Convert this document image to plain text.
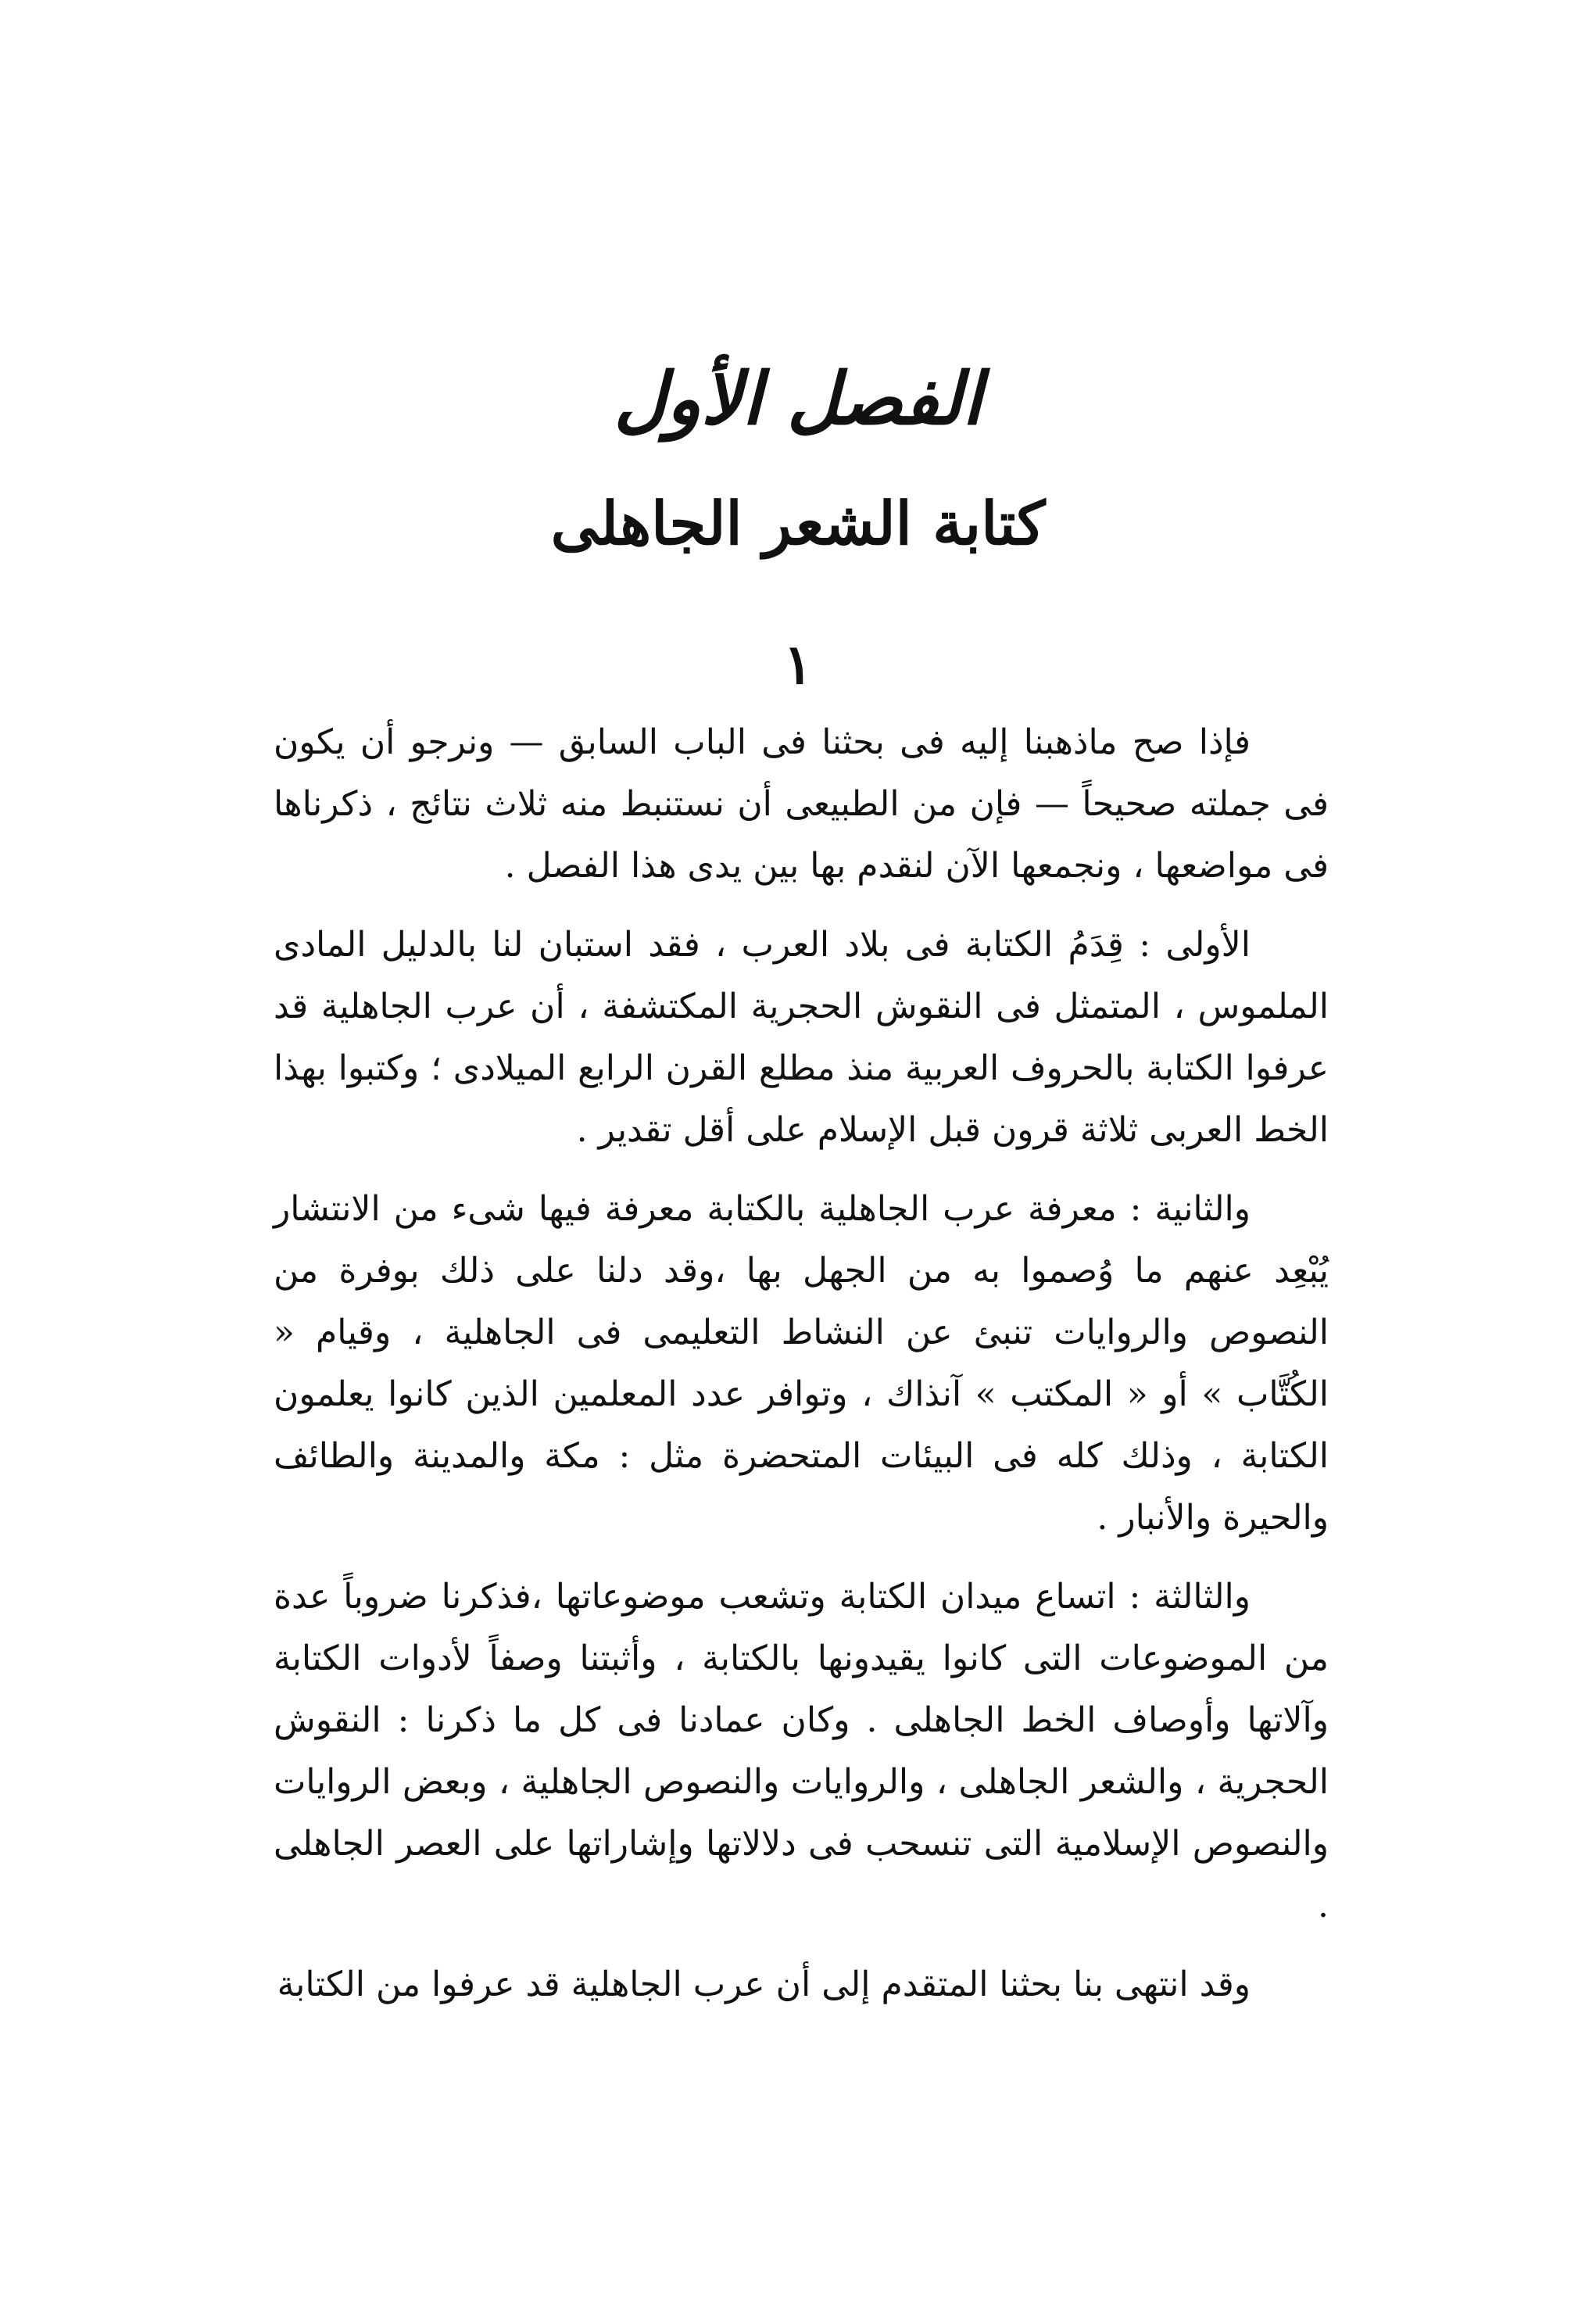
الفصل الأول
كتابة الشعر الجاهلى
١

فإذا صح ماذهبنا إليه فى بحثنا فى الباب السابق — ونرجو أن يكون فى جملته صحيحاً — فإن من الطبيعى أن نستنبط منه ثلاث نتائج ، ذكرناها فى مواضعها ، ونجمعها الآن لنقدم بها بين يدى هذا الفصل .

الأولى : قِدَمُ الكتابة فى بلاد العرب ، فقد استبان لنا بالدليل المادى الملموس ، المتمثل فى النقوش الحجرية المكتشفة ، أن عرب الجاهلية قد عرفوا الكتابة بالحروف العربية منذ مطلع القرن الرابع الميلادى ؛ وكتبوا بهذا الخط العربى ثلاثة قرون قبل الإسلام على أقل تقدير .

والثانية : معرفة عرب الجاهلية بالكتابة معرفة فيها شىء من الانتشار يُبْعِد عنهم ما وُصموا به من الجهل بها ،وقد دلنا على ذلك بوفرة من النصوص والروايات تنبئ عن النشاط التعليمى فى الجاهلية ، وقيام « الكُتَّاب » أو « المكتب » آنذاك ، وتوافر عدد المعلمين الذين كانوا يعلمون الكتابة ، وذلك كله فى البيئات المتحضرة مثل : مكة والمدينة والطائف والحيرة والأنبار .

والثالثة : اتساع ميدان الكتابة وتشعب موضوعاتها ،فذكرنا ضروباً عدة من الموضوعات التى كانوا يقيدونها بالكتابة ، وأثبتنا وصفاً لأدوات الكتابة وآلاتها وأوصاف الخط الجاهلى . وكان عمادنا فى كل ما ذكرنا : النقوش الحجرية ، والشعر الجاهلى ، والروايات والنصوص الجاهلية ، وبعض الروايات والنصوص الإسلامية التى تنسحب فى دلالاتها وإشاراتها على العصر الجاهلى .

وقد انتهى بنا بحثنا المتقدم إلى أن عرب الجاهلية قد عرفوا من الكتابة
